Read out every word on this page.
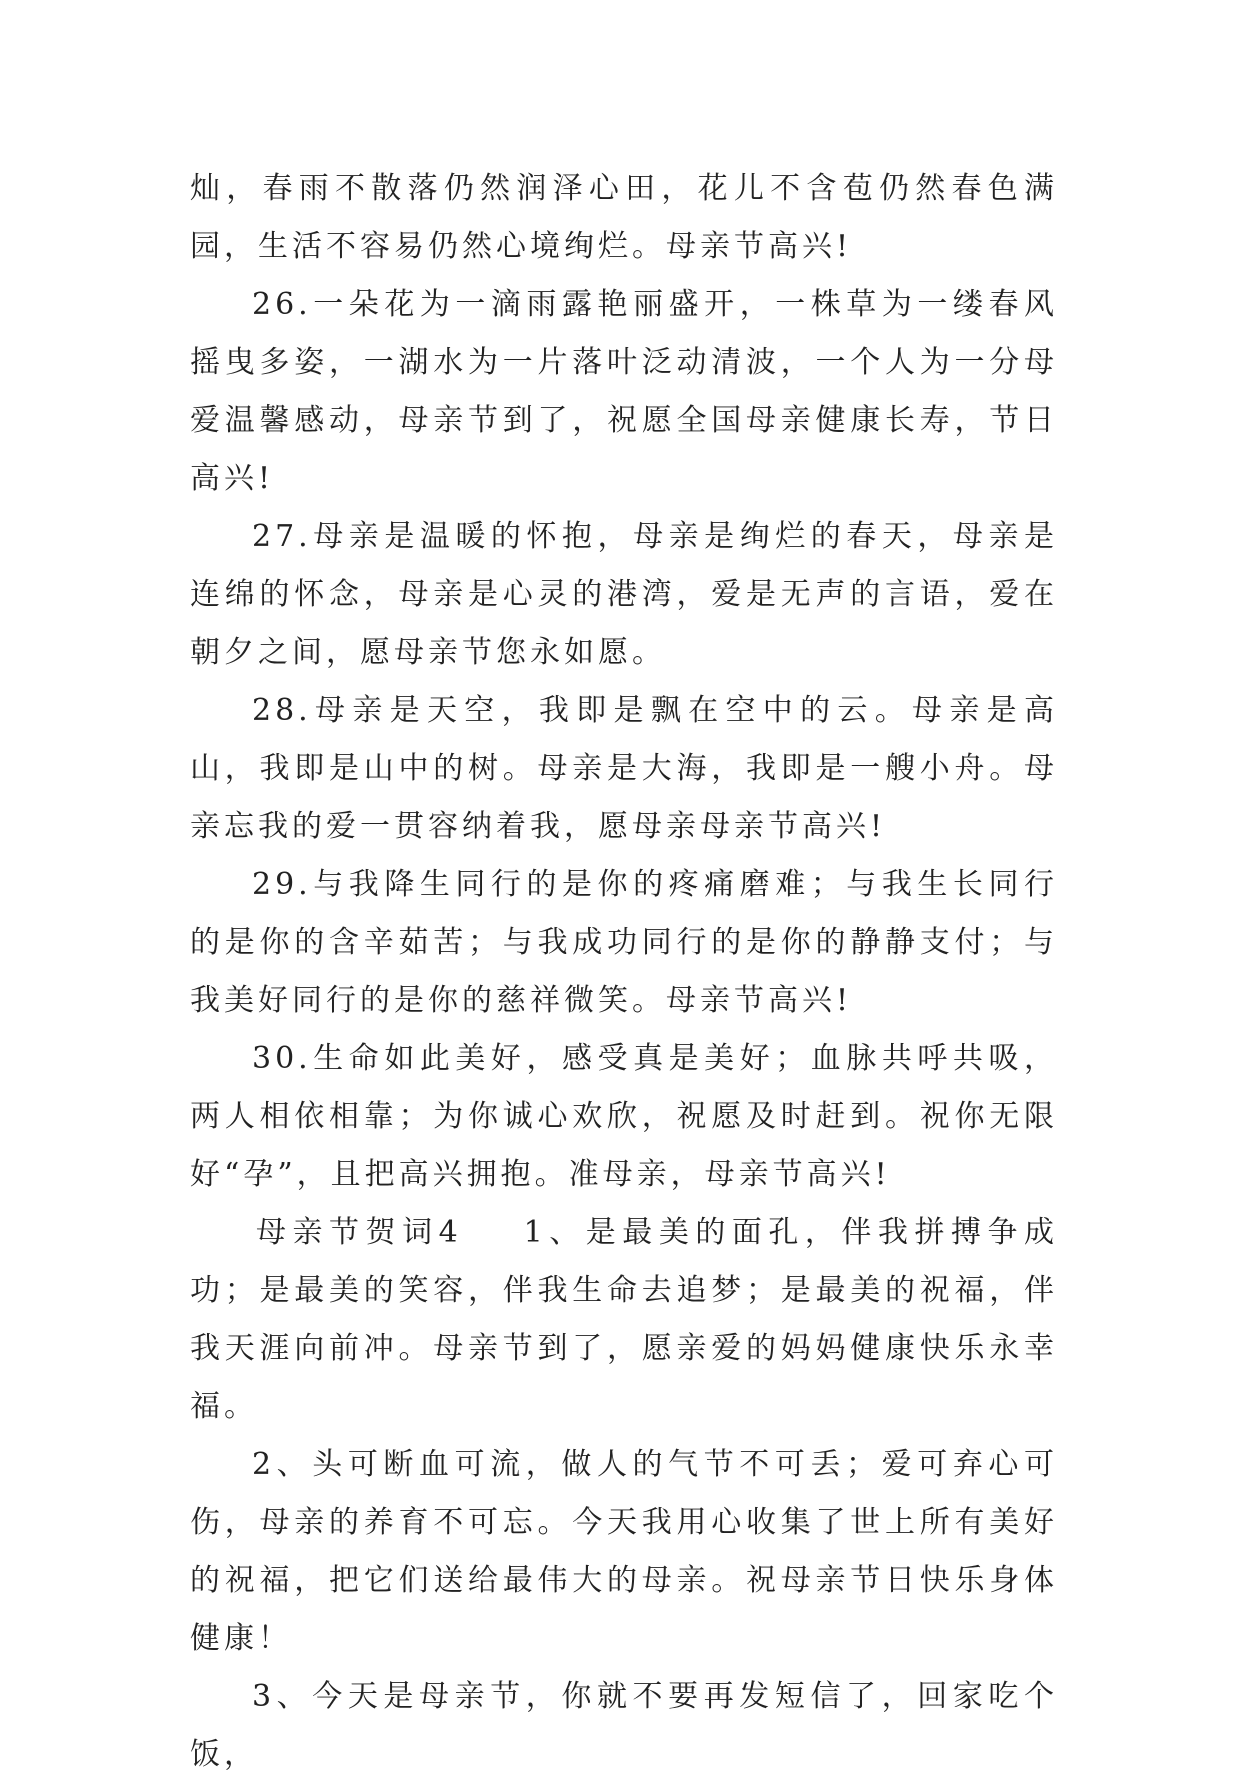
灿，春雨不散落仍然润泽心田，花儿不含苞仍然春色满园，生活不容易仍然心境绚烂。母亲节高兴!

26.一朵花为一滴雨露艳丽盛开，一株草为一缕春风摇曳多姿，一湖水为一片落叶泛动清波，一个人为一分母爱温馨感动，母亲节到了，祝愿全国母亲健康长寿，节日高兴!

27.母亲是温暖的怀抱，母亲是绚烂的春天，母亲是连绵的怀念，母亲是心灵的港湾，爱是无声的言语，爱在朝夕之间，愿母亲节您永如愿。

28.母亲是天空，我即是飘在空中的云。母亲是高山，我即是山中的树。母亲是大海，我即是一艘小舟。母亲忘我的爱一贯容纳着我，愿母亲母亲节高兴!

29.与我降生同行的是你的疼痛磨难；与我生长同行的是你的含辛茹苦；与我成功同行的是你的静静支付；与我美好同行的是你的慈祥微笑。母亲节高兴!

30.生命如此美好，感受真是美好；血脉共呼共吸，两人相依相靠；为你诚心欢欣，祝愿及时赶到。祝你无限好“孕”，且把高兴拥抱。准母亲，母亲节高兴!

母亲节贺词4 1、是最美的面孔，伴我拼搏争成功；是最美的笑容，伴我生命去追梦；是最美的祝福，伴我天涯向前冲。母亲节到了，愿亲爱的妈妈健康快乐永幸福。

2、头可断血可流，做人的气节不可丢；爱可弃心可伤，母亲的养育不可忘。今天我用心收集了世上所有美好的祝福，把它们送给最伟大的母亲。祝母亲节日快乐身体健康！

3、今天是母亲节，你就不要再发短信了，回家吃个饭，
